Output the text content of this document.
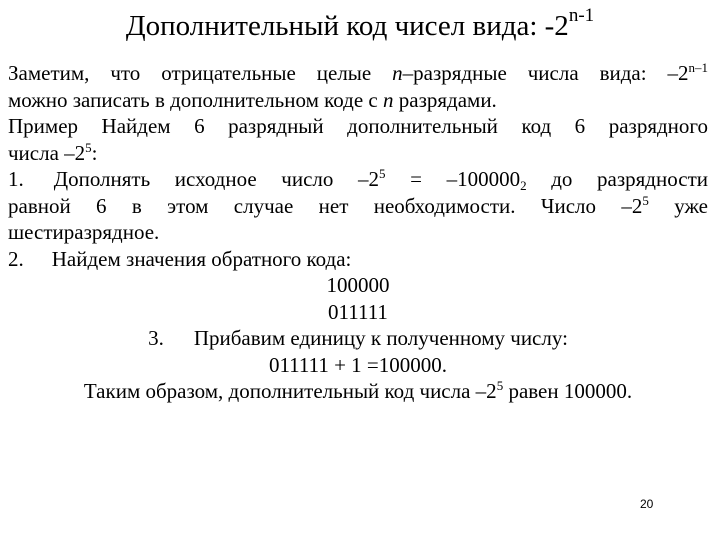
Дополнительный код чисел вида: -2$^{n-1}$

Заметим, что отрицательные целые n–разрядные числа вида: –2$^{n-1}$

можно записать в дополнительном коде с n разрядами.

Пример Найдем 6 разрядный дополнительный код 6 разрядного

числа $-2^5$:

1. Дополнять исходное число $-2^5 = -100000_2$ до разрядности

равной 6 в этом случае нет необходимости. Число $-2^5$ уже

шестиразрядное.

2. Найдем значения обратного кода:

100000

011111

3. Прибавим единицу к полученному числу:

011111 + 1 =100000.

Таким образом, дополнительный код числа $-2^5$ равен 100000.

20
